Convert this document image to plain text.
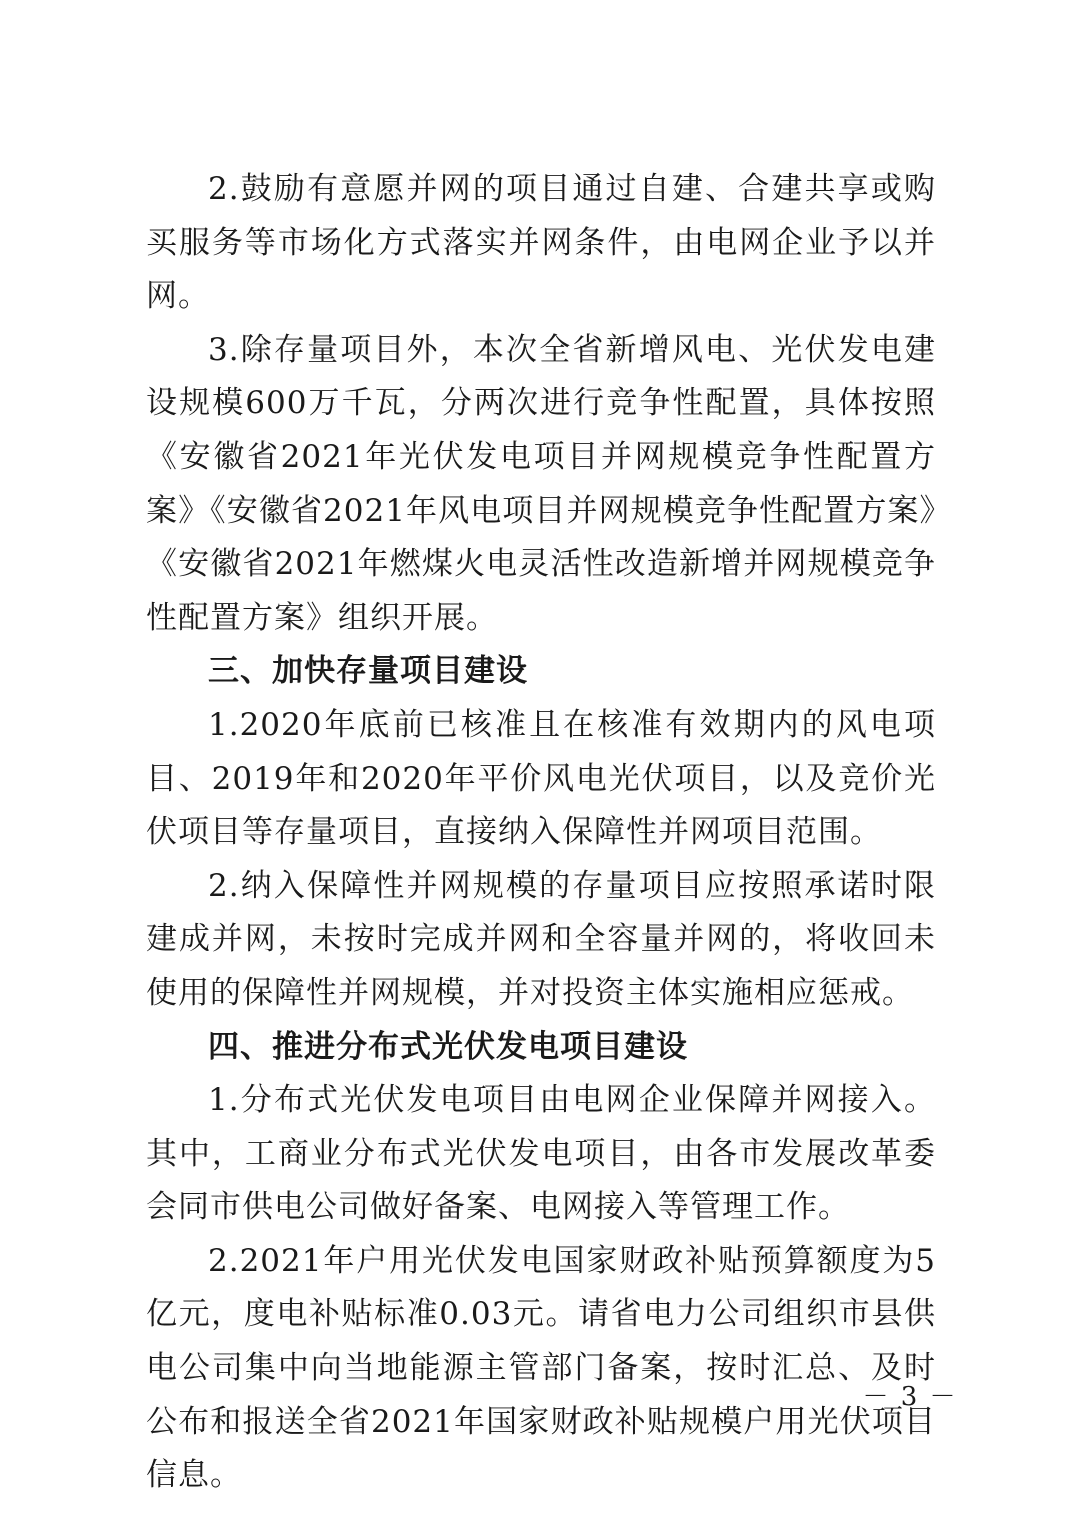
2.鼓励有意愿并网的项目通过自建、合建共享或购买服务等市场化方式落实并网条件，由电网企业予以并网。

3.除存量项目外，本次全省新增风电、光伏发电建设规模600万千瓦，分两次进行竞争性配置，具体按照《安徽省2021年光伏发电项目并网规模竞争性配置方案》《安徽省2021年风电项目并网规模竞争性配置方案》《安徽省2021年燃煤火电灵活性改造新增并网规模竞争性配置方案》组织开展。

三、加快存量项目建设

1.2020年底前已核准且在核准有效期内的风电项目、2019年和2020年平价风电光伏项目，以及竞价光伏项目等存量项目，直接纳入保障性并网项目范围。

2.纳入保障性并网规模的存量项目应按照承诺时限建成并网，未按时完成并网和全容量并网的，将收回未使用的保障性并网规模，并对投资主体实施相应惩戒。

四、推进分布式光伏发电项目建设

1.分布式光伏发电项目由电网企业保障并网接入。其中，工商业分布式光伏发电项目，由各市发展改革委会同市供电公司做好备案、电网接入等管理工作。

2.2021年户用光伏发电国家财政补贴预算额度为5亿元，度电补贴标准0.03元。请省电力公司组织市县供电公司集中向当地能源主管部门备案，按时汇总、及时公布和报送全省2021年国家财政补贴规模户用光伏项目信息。

－ 3 －
